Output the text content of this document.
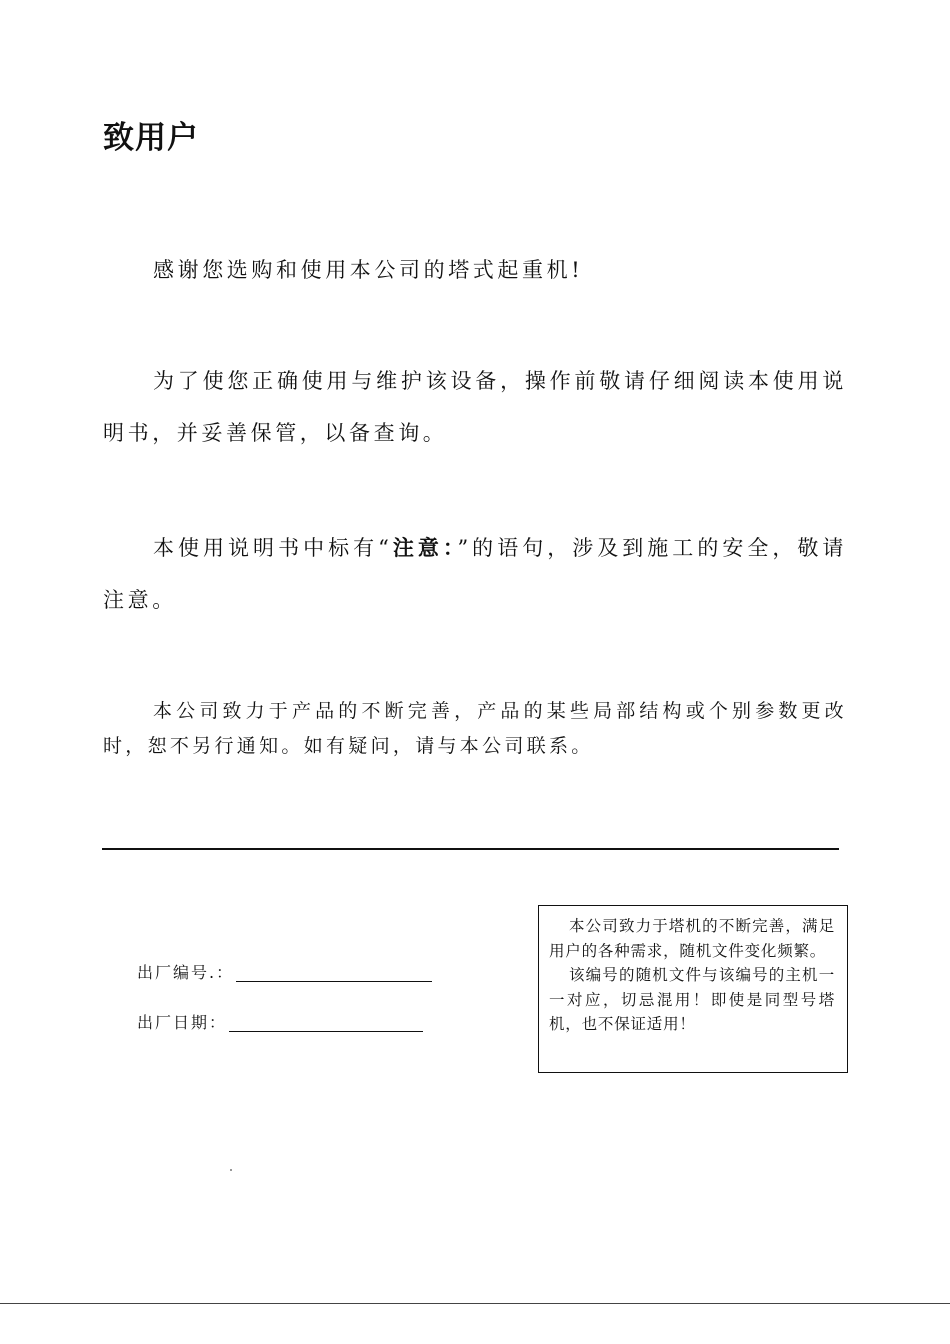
致用户

感谢您选购和使用本公司的塔式起重机!

为了使您正确使用与维护该设备，操作前敬请仔细阅读本使用说明书，并妥善保管，以备查询。

本使用说明书中标有“注意：”的语句，涉及到施工的安全，敬请注意。

本公司致力于产品的不断完善，产品的某些局部结构或个别参数更改时，恕不另行通知。如有疑问，请与本公司联系。

出厂编号.：
出厂日期：

本公司致力于塔机的不断完善，满足用户的各种需求，随机文件变化频繁。

该编号的随机文件与该编号的主机一一对应，切忌混用！即使是同型号塔机，也不保证适用！
